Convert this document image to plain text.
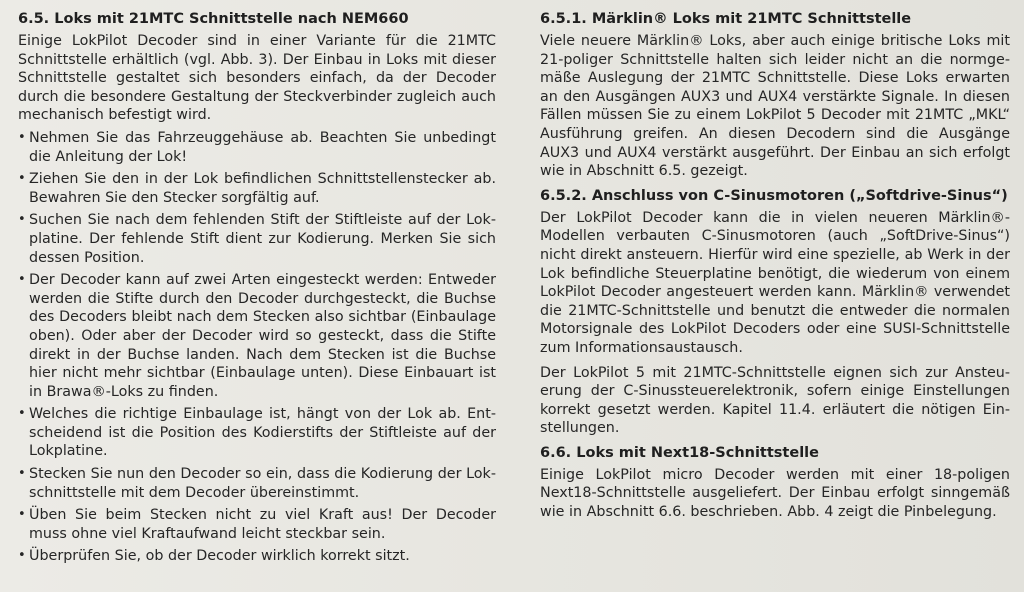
6.5. Loks mit 21MTC Schnittstelle nach NEM660

Einige LokPilot Decoder sind in einer Variante für die 21MTC Schnittstelle erhältlich (vgl. Abb. 3). Der Einbau in Loks mit dieser Schnittstelle gestaltet sich besonders einfach, da der Decoder durch die besondere Gestaltung der Steckverbinder zugleich auch mechanisch befestigt wird.

• Nehmen Sie das Fahrzeuggehäuse ab. Beachten Sie unbedingt die Anleitung der Lok!
• Ziehen Sie den in der Lok befindlichen Schnittstellenstecker ab. Bewahren Sie den Stecker sorgfältig auf.
• Suchen Sie nach dem fehlenden Stift der Stiftleiste auf der Lokplatine. Der fehlende Stift dient zur Kodierung. Merken Sie sich dessen Position.
• Der Decoder kann auf zwei Arten eingesteckt werden: Entweder werden die Stifte durch den Decoder durchgesteckt, die Buchse des Decoders bleibt nach dem Stecken also sichtbar (Einbaulage oben). Oder aber der Decoder wird so gesteckt, dass die Stifte direkt in der Buchse landen. Nach dem Stecken ist die Buchse hier nicht mehr sichtbar (Einbaulage unten). Diese Einbauart ist in Brawa®-Loks zu finden.
• Welches die richtige Einbaulage ist, hängt von der Lok ab. Entscheidend ist die Position des Kodierstifts der Stiftleiste auf der Lokplatine.
• Stecken Sie nun den Decoder so ein, dass die Kodierung der Lokschnittstelle mit dem Decoder übereinstimmt.
• Üben Sie beim Stecken nicht zu viel Kraft aus! Der Decoder muss ohne viel Kraftaufwand leicht steckbar sein.
• Überprüfen Sie, ob der Decoder wirklich korrekt sitzt.
6.5.1. Märklin® Loks mit 21MTC Schnittstelle

Viele neuere Märklin® Loks, aber auch einige britische Loks mit 21-poliger Schnittstelle halten sich leider nicht an die normgemäße Auslegung der 21MTC Schnittstelle. Diese Loks erwarten an den Ausgängen AUX3 und AUX4 verstärkte Signale. In diesen Fällen müssen Sie zu einem LokPilot 5 Decoder mit 21MTC „MKL“ Ausführung greifen. An diesen Decodern sind die Ausgänge AUX3 und AUX4 verstärkt ausgeführt. Der Einbau an sich erfolgt wie in Abschnitt 6.5. gezeigt.

6.5.2. Anschluss von C-Sinusmotoren („Softdrive-Sinus“)

Der LokPilot Decoder kann die in vielen neueren Märklin®-Modellen verbauten C-Sinusmotoren (auch „SoftDrive-Sinus“) nicht direkt ansteuern. Hierfür wird eine spezielle, ab Werk in der Lok befindliche Steuerplatine benötigt, die wiederum von einem LokPilot Decoder angesteuert werden kann. Märklin® verwendet die 21MTC-Schnittstelle und benutzt die entweder die normalen Motorsignale des LokPilot Decoders oder eine SUSI-Schnittstelle zum Informationsaustausch.

Der LokPilot 5 mit 21MTC-Schnittstelle eignen sich zur Ansteuerung der C-Sinussteuerelektronik, sofern einige Einstellungen korrekt gesetzt werden. Kapitel 11.4. erläutert die nötigen Einstellungen.

6.6. Loks mit Next18-Schnittstelle

Einige LokPilot micro Decoder werden mit einer 18-poligen Next18-Schnittstelle ausgeliefert. Der Einbau erfolgt sinngemäß wie in Abschnitt 6.6. beschrieben. Abb. 4 zeigt die Pinbelegung.
